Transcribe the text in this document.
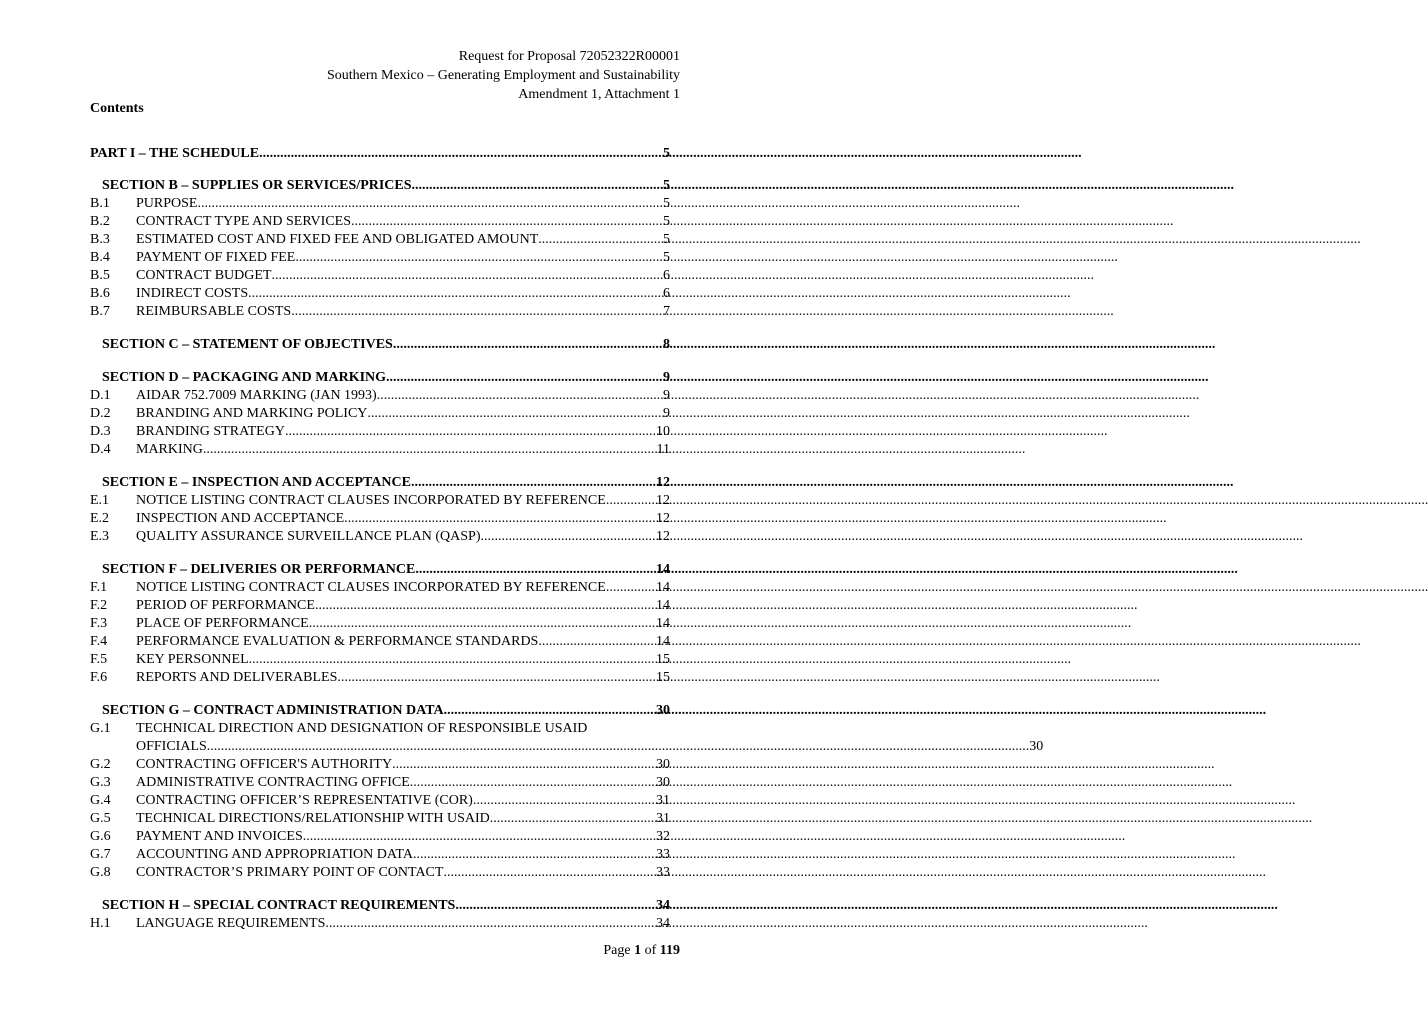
Request for Proposal 72052322R00001
Southern Mexico – Generating Employment and Sustainability
Amendment 1, Attachment 1
Contents
PART I – THE SCHEDULE .....	5
SECTION B – SUPPLIES OR SERVICES/PRICES .....	5
B.1	PURPOSE .....	5
B.2	CONTRACT TYPE AND SERVICES .....	5
B.3	ESTIMATED COST AND FIXED FEE AND OBLIGATED AMOUNT .....	5
B.4	PAYMENT OF FIXED FEE .....	5
B.5	CONTRACT BUDGET .....	6
B.6	INDIRECT COSTS .....	6
B.7	REIMBURSABLE COSTS .....	7
SECTION C – STATEMENT OF OBJECTIVES .....	8
SECTION D – PACKAGING AND MARKING .....	9
D.1	AIDAR 752.7009 MARKING (JAN 1993) .....	9
D.2	BRANDING AND MARKING POLICY .....	9
D.3	BRANDING STRATEGY .....	10
D.4	MARKING .....	11
SECTION E – INSPECTION AND ACCEPTANCE .....	12
E.1	NOTICE LISTING CONTRACT CLAUSES INCORPORATED BY REFERENCE .....	12
E.2	INSPECTION AND ACCEPTANCE .....	12
E.3	QUALITY ASSURANCE SURVEILLANCE PLAN (QASP) .....	12
SECTION F – DELIVERIES OR PERFORMANCE .....	14
F.1	NOTICE LISTING CONTRACT CLAUSES INCORPORATED BY REFERENCE .....	14
F.2	PERIOD OF PERFORMANCE .....	14
F.3	PLACE OF PERFORMANCE .....	14
F.4	PERFORMANCE EVALUATION & PERFORMANCE STANDARDS .....	14
F.5	KEY PERSONNEL .....	15
F.6	REPORTS AND DELIVERABLES .....	15
SECTION G – CONTRACT ADMINISTRATION DATA .....	30
G.1	TECHNICAL DIRECTION AND DESIGNATION OF RESPONSIBLE USAID
OFFICIALS .....	30
G.2	CONTRACTING OFFICER'S AUTHORITY .....	30
G.3	ADMINISTRATIVE CONTRACTING OFFICE .....	30
G.4	CONTRACTING OFFICER’S REPRESENTATIVE (COR) .....	31
G.5	TECHNICAL DIRECTIONS/RELATIONSHIP WITH USAID .....	31
G.6	PAYMENT AND INVOICES .....	32
G.7	ACCOUNTING AND APPROPRIATION DATA .....	33
G.8	CONTRACTOR’S PRIMARY POINT OF CONTACT .....	33
SECTION H – SPECIAL CONTRACT REQUIREMENTS .....	34
H.1	LANGUAGE REQUIREMENTS .....	34
Page 1 of 119
